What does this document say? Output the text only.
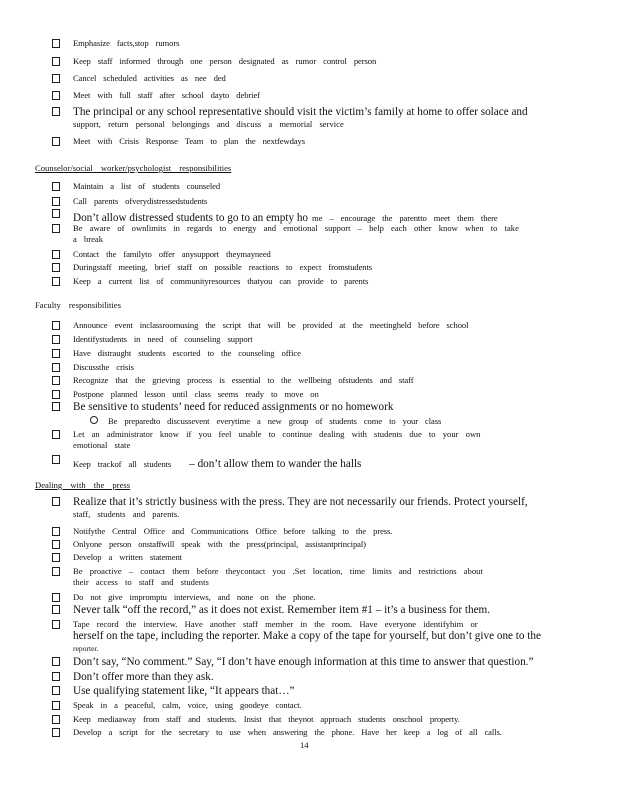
Emphasize facts,stop rumors
Keep staff informed through one person designated as rumor control person
Cancel scheduled activities as nee ded
Meet with full staff after school dayto debrief
The principal or any school representative should visit the victim’s family at home to offer solace and
support, return personal belongings and discuss a memorial service
Meet with Crisis Response Team to plan the nextfewdays
Counselor/social worker/psychologist responsibilities
Maintain a list of students counseled
Call parents ofverydistressedstudents
Don’t allow distressed students to go to an empty ho me – encourage the parentto meet them there
Be aware of ownlimits in regards to energy and emotional support – help each other know when to take
a break
Contact the familyto offer anysupport theymayneed
Duringstaff meeting, brief staff on possible reactions to expect fromstudents
Keep a current list of communityresources thatyou can provide to parents
Faculty responsibilities
Announce event inclassroomusing the script that will be provided at the meetingheld before school
Identifystudents in need of counseling support
Have distraught students escorted to the counseling office
Discussthe crisis
Recognize that the grieving process is essential to the wellbeing ofstudents and staff
Postpone planned lesson until class seems ready to move on
Be sensitive to students’ need for reduced assignments or no homework
Be preparedto discussevent everytime a new group of students come to your class
Let an administrator know if you feel unable to continue dealing with students due to your own
emotional state
Keep trackof all students – don’t allow them to wander the halls
Dealing with the press
Realize that it’s strictly business with the press. They are not necessarily our friends. Protect yourself,
staff, students and parents.
Notifythe Central Office and Communications Office before talking to the press.
Onlyone person onstaffwill speak with the press(principal, assistantprincipal)
Develop a written statement
Be proactive – contact them before theycontact you .Set location, time limits and restrictions about
their access to staff and students
Do not give impromptu interviews, and none on the phone.
Never talk “off the record,” as it does not exist. Remember item #1 – it’s a business for them.
Tape record the interview. Have another staff member in the room. Have everyone identifyhim or
herself on the tape, including the reporter. Make a copy of the tape for yourself, but don’t give one to the
reporter.
Don’t say, “No comment.” Say, “I don’t have enough information at this time to answer that question.”
Don’t offer more than they ask.
Use qualifying statement like, “It appears that…”
Speak in a peaceful, calm, voice, using goodeye contact.
Keep mediaaway from staff and students. Insist that theynot approach students onschool property.
Develop a script for the secretary to use when answering the phone. Have her keep a log of all calls.
14
